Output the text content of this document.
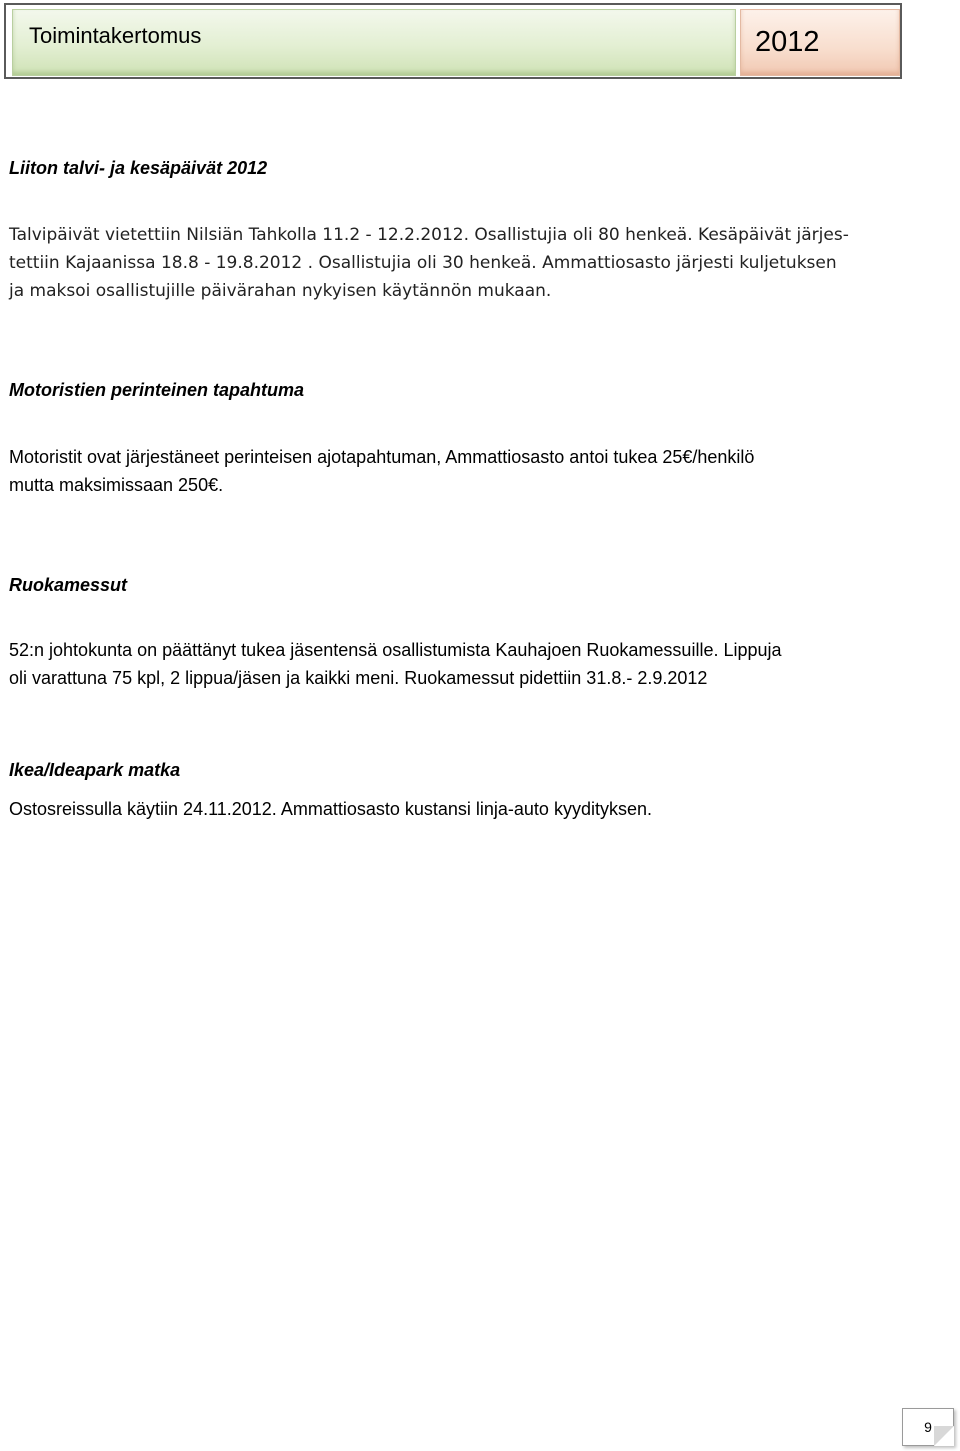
Toimintakertomus	2012
Liiton talvi- ja kesäpäivät 2012
Talvipäivät vietettiin Nilsiän Tahkolla 11.2 - 12.2.2012. Osallistujia oli 80 henkeä. Kesäpäivät järjes-
tettiin Kajaanissa 18.8 - 19.8.2012 . Osallistujia oli 30 henkeä. Ammattiosasto järjesti kuljetuksen
ja maksoi osallistujille päivärahan nykyisen käytännön mukaan.
Motoristien perinteinen tapahtuma
Motoristit ovat järjestäneet perinteisen ajotapahtuman, Ammattiosasto antoi tukea 25€/henkilö
mutta maksimissaan 250€.
Ruokamessut
52:n johtokunta on päättänyt tukea jäsentensä osallistumista Kauhajoen Ruokamessuille. Lippuja
oli varattuna 75 kpl, 2 lippua/jäsen ja kaikki meni. Ruokamessut pidettiin 31.8.- 2.9.2012
Ikea/Ideapark matka
Ostosreissulla käytiin 24.11.2012. Ammattiosasto kustansi linja-auto kyydityksen.
9
